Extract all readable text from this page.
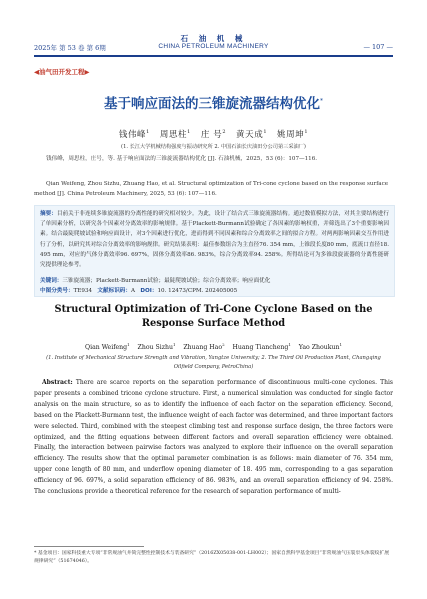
石 油 机 械
2025年 第 53 卷 第 6期	CHINA PETROLEUM MACHINERY	— 107 —
◀油气田开发工程▶
基于响应面法的三锥旋流器结构优化*
钱伟峰$^1$ 周思柱$^1$ 庄 号$^2$ 黄天成$^1$ 姚周坤$^1$
(1. 长江大学机械结构强度与振动研究所 2. 中国石油长庆油田分公司第三采油厂)
钱伟峰，周思柱，庄号，等. 基于响应面法的三锥旋流器结构优化 [J]. 石油机械，2025，53 (6)：107—116.
Qian Weifeng, Zhou Sizhu, Zhuang Hao, et al. Structural optimization of Tri-cone cyclone based on the response surface method [J]. China Petroleum Machinery, 2025, 53 (6): 107—116.
摘要：目前关于非连续多锥旋流器的分离性能的研究相对较少。为此，设计了结合式三锥旋流器结构。通过数值模拟方法，对其主要结构进行了单因素分析，以研究各个因素对分离效率的影响规律。基于Plackett-Burmann试验确定了各因素的影响权重，并筛选出了3个重要影响因素。结合最陡爬坡试验和响应面设计，对3个因素进行优化，进而得到不同因素和综合分离效率之间的拟合方程。对两两影响因素交互作用进行了分析，以研究其对综合分离效率的影响规律。研究结果表明：最佳参数组合为主直径76. 354 mm，上锥段长度80 mm，底流口直径18. 495 mm，对应的气体分离效率96. 697%，固体分离效率86. 983%，综合分离效率94. 258%。所得结论可为多锥段旋流器的分离性能研究提供理论参考。
关键词：三锥旋流器；Plackett-Burmann试验；最陡爬坡试验；综合分离效率；响应面优化
中图分类号：TE934 文献标识码：A DOI：10. 12473/CPM. 202405005
Structural Optimization of Tri-Cone Cyclone Based on the
Response Surface Method
Qian Weifeng$^1$ Zhou Sizhu$^1$ Zhuang Hao$^2$ Huang Tiancheng$^1$ Yao Zhoukun$^1$
(1. Institute of Mechanical Structure Strength and Vibration, Yangtze University; 2. The Third Oil Production Plant, Changqing Oilfield Company, PetroChina)
Abstract: There are scarce reports on the separation performance of discontinuous multi-cone cyclones. This paper presents a combined tricone cyclone structure. First, a numerical simulation was conducted for single factor analysis on the main structure, so as to identify the influence of each factor on the separation efficiency. Second, based on the Plackett-Burmann test, the influence weight of each factor was determined, and three important factors were selected. Third, combined with the steepest climbing test and response surface design, the three factors were optimized, and the fitting equations between different factors and overall separation efficiency were obtained. Finally, the interaction between pairwise factors was analyzed to explore their influence on the overall separation efficiency. The results show that the optimal parameter combination is as follows: main diameter of 76. 354 mm, upper cone length of 80 mm, and underflow opening diameter of 18. 495 mm, corresponding to a gas separation efficiency of 96. 697%, a solid separation efficiency of 86. 983%, and an overall separation efficiency of 94. 258%. The conclusions provide a theoretical reference for the research of separation performance of multi-
* 基金项目：国家科技重大专项“非常规油气井筒完整性控制技术与装备研究”（2016ZX05038-001-LH002）；国家自然科学基金项目“非常规油气压裂泵头体裂纹扩展规律研究”（51674046）。
